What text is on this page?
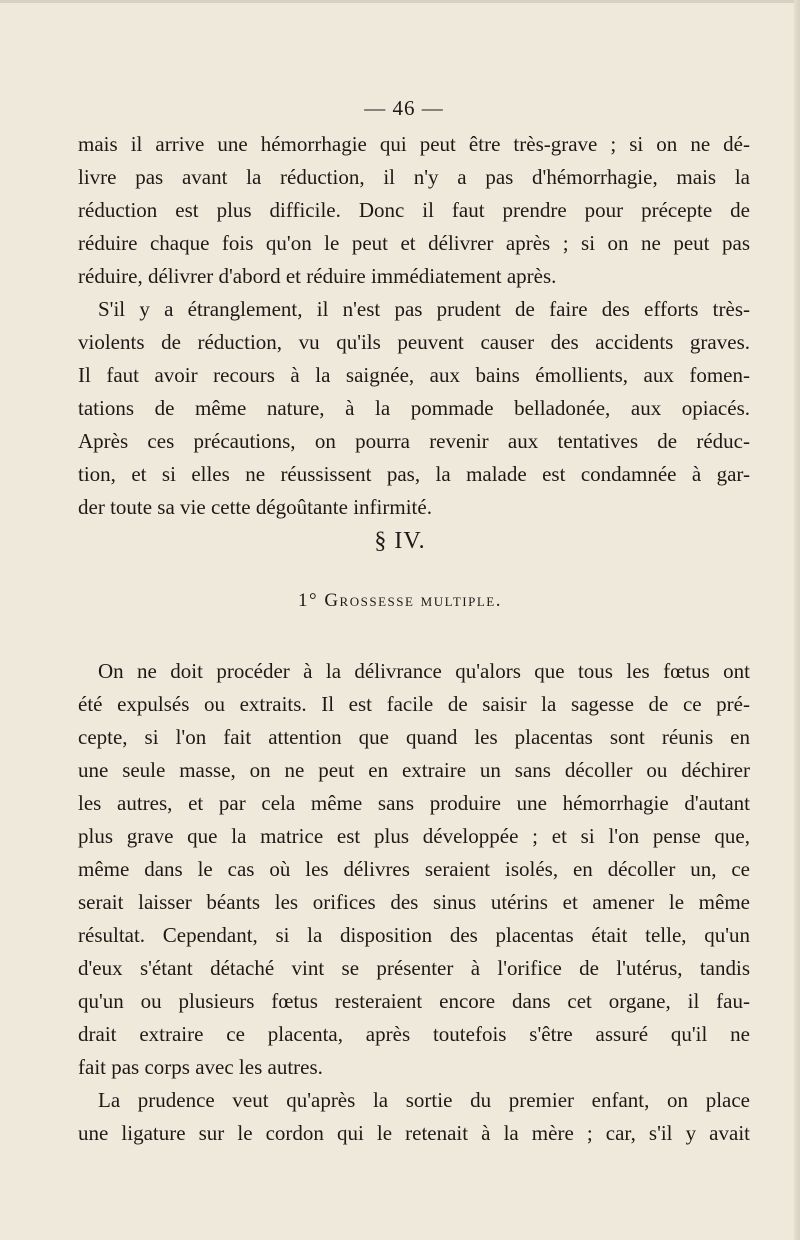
— 46 —
mais il arrive une hémorrhagie qui peut être très-grave ; si on ne dé-
livre pas avant la réduction, il n'y a pas d'hémorrhagie, mais la
réduction est plus difficile. Donc il faut prendre pour précepte de
réduire chaque fois qu'on le peut et délivrer après ; si on ne peut pas
réduire, délivrer d'abord et réduire immédiatement après.
S'il y a étranglement, il n'est pas prudent de faire des efforts très-
violents de réduction, vu qu'ils peuvent causer des accidents graves.
Il faut avoir recours à la saignée, aux bains émollients, aux fomen-
tations de même nature, à la pommade belladonée, aux opiacés.
Après ces précautions, on pourra revenir aux tentatives de réduc-
tion, et si elles ne réussissent pas, la malade est condamnée à gar-
der toute sa vie cette dégoûtante infirmité.
§ IV.
1° Grossesse multiple.
On ne doit procéder à la délivrance qu'alors que tous les fœtus ont
été expulsés ou extraits. Il est facile de saisir la sagesse de ce pré-
cepte, si l'on fait attention que quand les placentas sont réunis en
une seule masse, on ne peut en extraire un sans décoller ou déchirer
les autres, et par cela même sans produire une hémorrhagie d'autant
plus grave que la matrice est plus développée ; et si l'on pense que,
même dans le cas où les délivres seraient isolés, en décoller un, ce
serait laisser béants les orifices des sinus utérins et amener le même
résultat. Cependant, si la disposition des placentas était telle, qu'un
d'eux s'étant détaché vint se présenter à l'orifice de l'utérus, tandis
qu'un ou plusieurs fœtus resteraient encore dans cet organe, il fau-
drait extraire ce placenta, après toutefois s'être assuré qu'il ne
fait pas corps avec les autres.
La prudence veut qu'après la sortie du premier enfant, on place
une ligature sur le cordon qui le retenait à la mère ; car, s'il y avait
